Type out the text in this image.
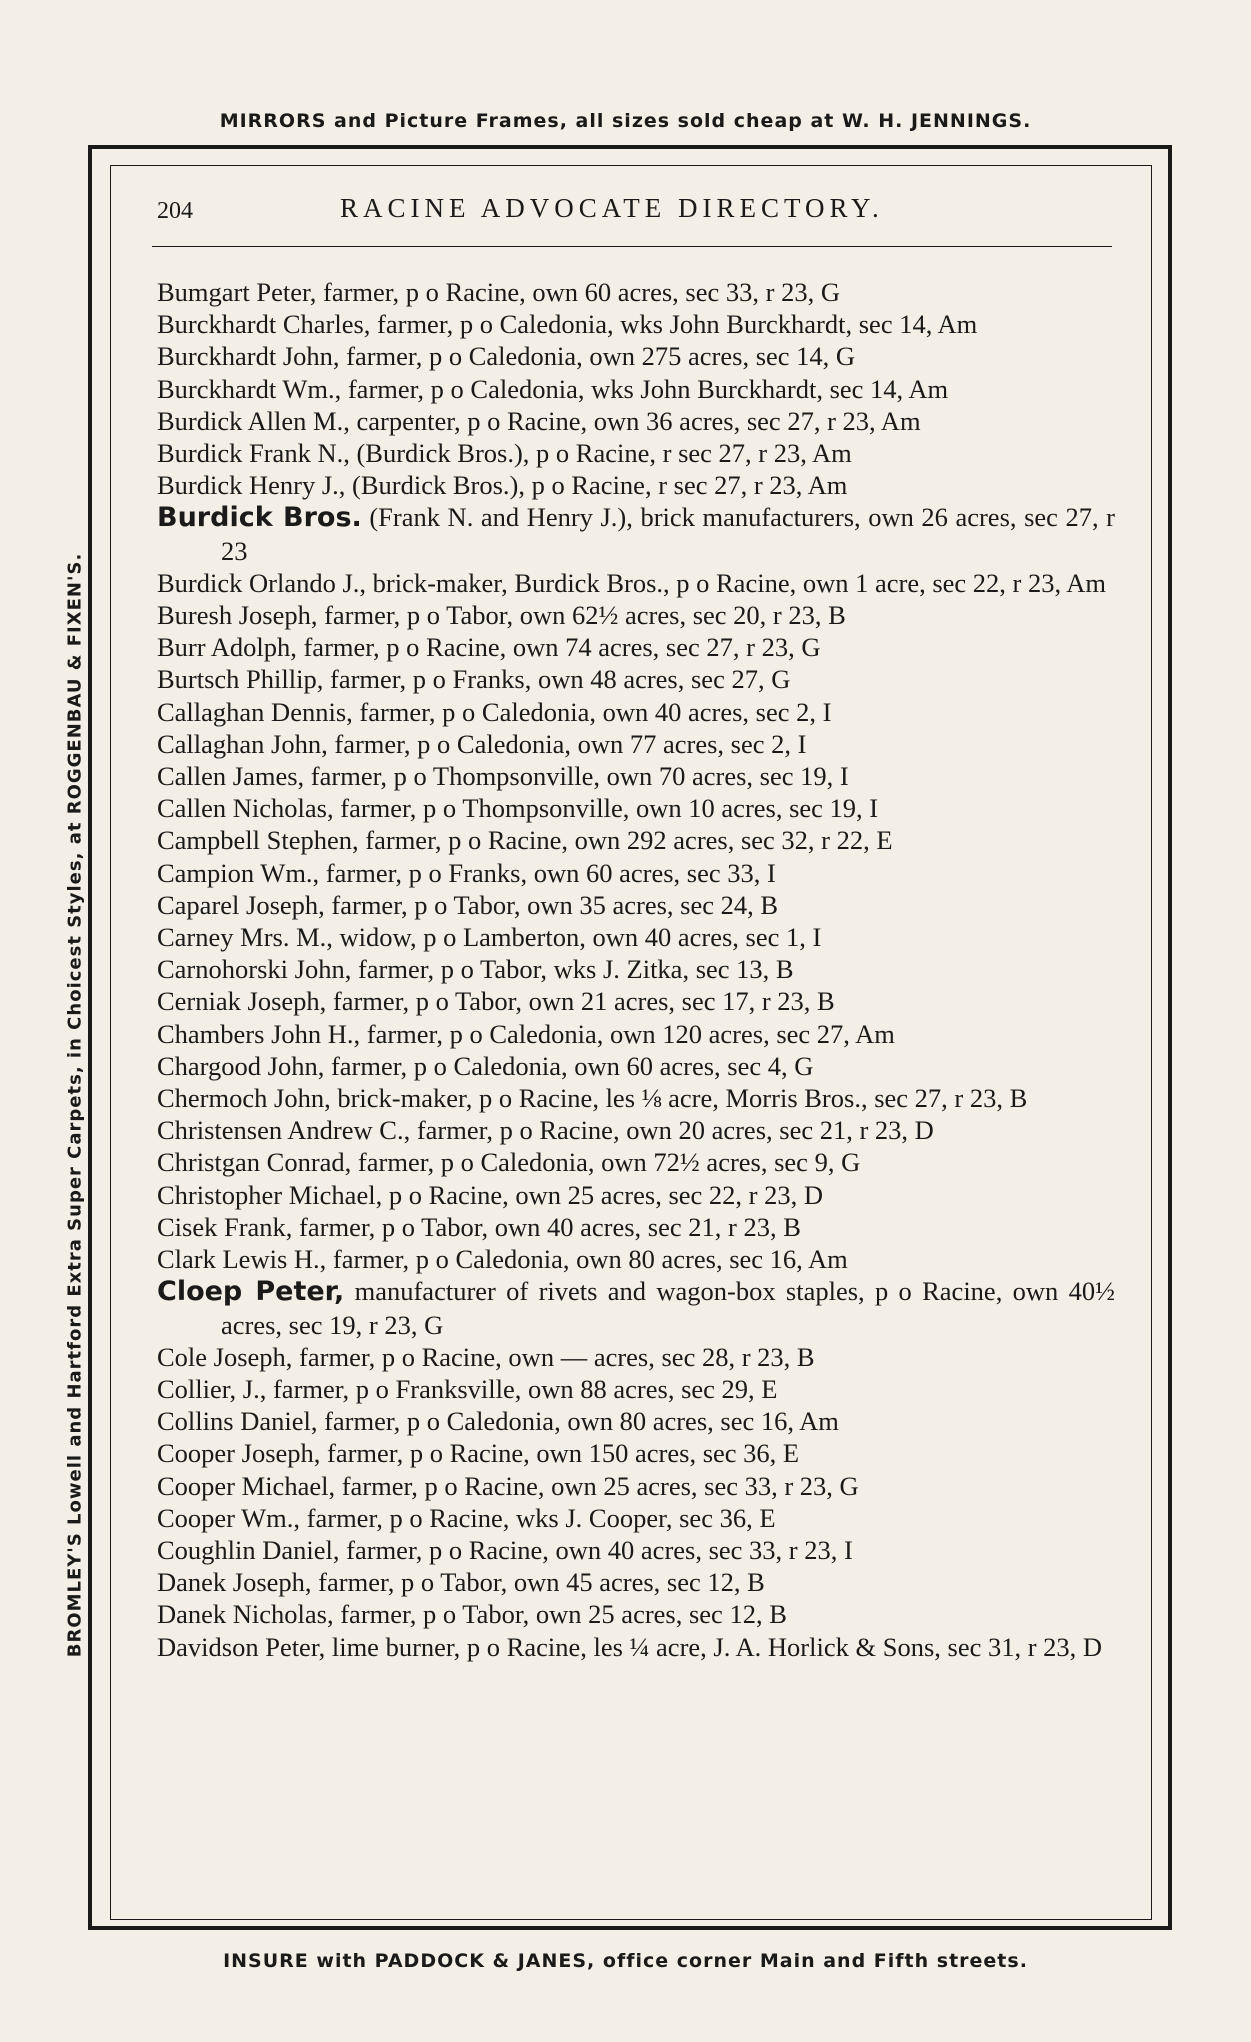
MIRRORS and Picture Frames, all sizes sold cheap at W. H. JENNINGS.
BROMLEY'S Lowell and Hartford Extra Super Carpets, in Choicest Styles, at ROGGENBAU & FIXEN'S.
204	RACINE ADVOCATE DIRECTORY.
Bumgart Peter, farmer, p o Racine, own 60 acres, sec 33, r 23, G
Burckhardt Charles, farmer, p o Caledonia, wks John Burckhardt, sec 14, Am
Burckhardt John, farmer, p o Caledonia, own 275 acres, sec 14, G
Burckhardt Wm., farmer, p o Caledonia, wks John Burckhardt, sec 14, Am
Burdick Allen M., carpenter, p o Racine, own 36 acres, sec 27, r 23, Am
Burdick Frank N., (Burdick Bros.), p o Racine, r sec 27, r 23, Am
Burdick Henry J., (Burdick Bros.), p o Racine, r sec 27, r 23, Am
Burdick Bros. (Frank N. and Henry J.), brick manufacturers, own 26 acres, sec 27, r 23
Burdick Orlando J., brick-maker, Burdick Bros., p o Racine, own 1 acre, sec 22, r 23, Am
Buresh Joseph, farmer, p o Tabor, own 62½ acres, sec 20, r 23, B
Burr Adolph, farmer, p o Racine, own 74 acres, sec 27, r 23, G
Burtsch Phillip, farmer, p o Franks, own 48 acres, sec 27, G
Callaghan Dennis, farmer, p o Caledonia, own 40 acres, sec 2, I
Callaghan John, farmer, p o Caledonia, own 77 acres, sec 2, I
Callen James, farmer, p o Thompsonville, own 70 acres, sec 19, I
Callen Nicholas, farmer, p o Thompsonville, own 10 acres, sec 19, I
Campbell Stephen, farmer, p o Racine, own 292 acres, sec 32, r 22, E
Campion Wm., farmer, p o Franks, own 60 acres, sec 33, I
Caparel Joseph, farmer, p o Tabor, own 35 acres, sec 24, B
Carney Mrs. M., widow, p o Lamberton, own 40 acres, sec 1, I
Carnohorski John, farmer, p o Tabor, wks J. Zitka, sec 13, B
Cerniak Joseph, farmer, p o Tabor, own 21 acres, sec 17, r 23, B
Chambers John H., farmer, p o Caledonia, own 120 acres, sec 27, Am
Chargood John, farmer, p o Caledonia, own 60 acres, sec 4, G
Chermoch John, brick-maker, p o Racine, les ⅛ acre, Morris Bros., sec 27, r 23, B
Christensen Andrew C., farmer, p o Racine, own 20 acres, sec 21, r 23, D
Christgan Conrad, farmer, p o Caledonia, own 72½ acres, sec 9, G
Christopher Michael, p o Racine, own 25 acres, sec 22, r 23, D
Cisek Frank, farmer, p o Tabor, own 40 acres, sec 21, r 23, B
Clark Lewis H., farmer, p o Caledonia, own 80 acres, sec 16, Am
Cloep Peter, manufacturer of rivets and wagon-box staples, p o Racine, own 40½ acres, sec 19, r 23, G
Cole Joseph, farmer, p o Racine, own — acres, sec 28, r 23, B
Collier, J., farmer, p o Franksville, own 88 acres, sec 29, E
Collins Daniel, farmer, p o Caledonia, own 80 acres, sec 16, Am
Cooper Joseph, farmer, p o Racine, own 150 acres, sec 36, E
Cooper Michael, farmer, p o Racine, own 25 acres, sec 33, r 23, G
Cooper Wm., farmer, p o Racine, wks J. Cooper, sec 36, E
Coughlin Daniel, farmer, p o Racine, own 40 acres, sec 33, r 23, I
Danek Joseph, farmer, p o Tabor, own 45 acres, sec 12, B
Danek Nicholas, farmer, p o Tabor, own 25 acres, sec 12, B
Davidson Peter, lime burner, p o Racine, les ¼ acre, J. A. Horlick & Sons, sec 31, r 23, D
INSURE with PADDOCK & JANES, office corner Main and Fifth streets.
